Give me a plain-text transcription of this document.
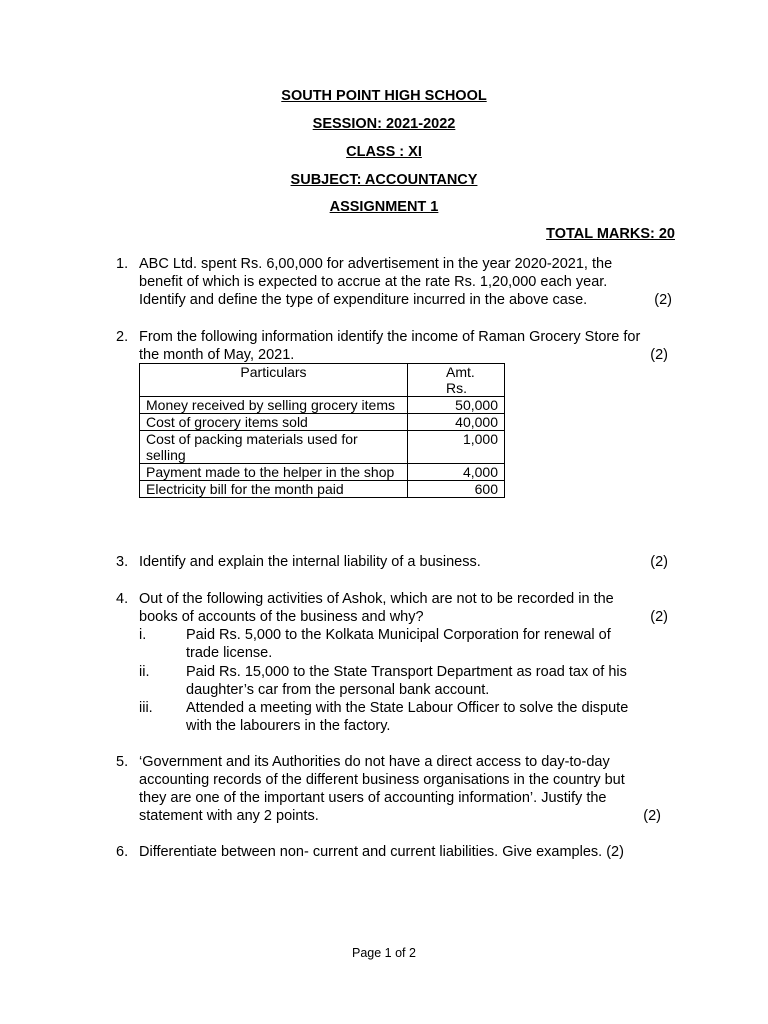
SOUTH POINT HIGH SCHOOL
SESSION: 2021-2022
CLASS : XI
SUBJECT: ACCOUNTANCY
ASSIGNMENT 1
TOTAL MARKS: 20
1. ABC Ltd. spent Rs. 6,00,000 for advertisement in the year 2020-2021, the
benefit of which is expected to accrue at the rate Rs. 1,20,000 each year.
Identify and define the type of expenditure incurred in the above case.	(2)
2. From the following information identify the income of Raman Grocery Store for
the month of May, 2021.	(2)
Particulars	Amt. Rs.
Money received by selling grocery items	50,000
Cost of grocery items sold	40,000
Cost of packing materials used for selling	1,000
Payment made to the helper in the shop	4,000
Electricity bill for the month paid	600
3. Identify and explain the internal liability of a business.	(2)
4. Out of the following activities of Ashok, which are not to be recorded in the
books of accounts of the business and why?	(2)
i.	Paid Rs. 5,000 to the Kolkata Municipal Corporation for renewal of
trade license.
ii.	Paid Rs. 15,000 to the State Transport Department as road tax of his
daughter’s car from the personal bank account.
iii. Attended a meeting with the State Labour Officer to solve the dispute
with the labourers in the factory.
5. ‘Government and its Authorities do not have a direct access to day-to-day
accounting records of the different business organisations in the country but
they are one of the important users of accounting information’. Justify the
statement with any 2 points.	(2)
6. Differentiate between non- current and current liabilities. Give examples. (2)
Page 1 of 2
